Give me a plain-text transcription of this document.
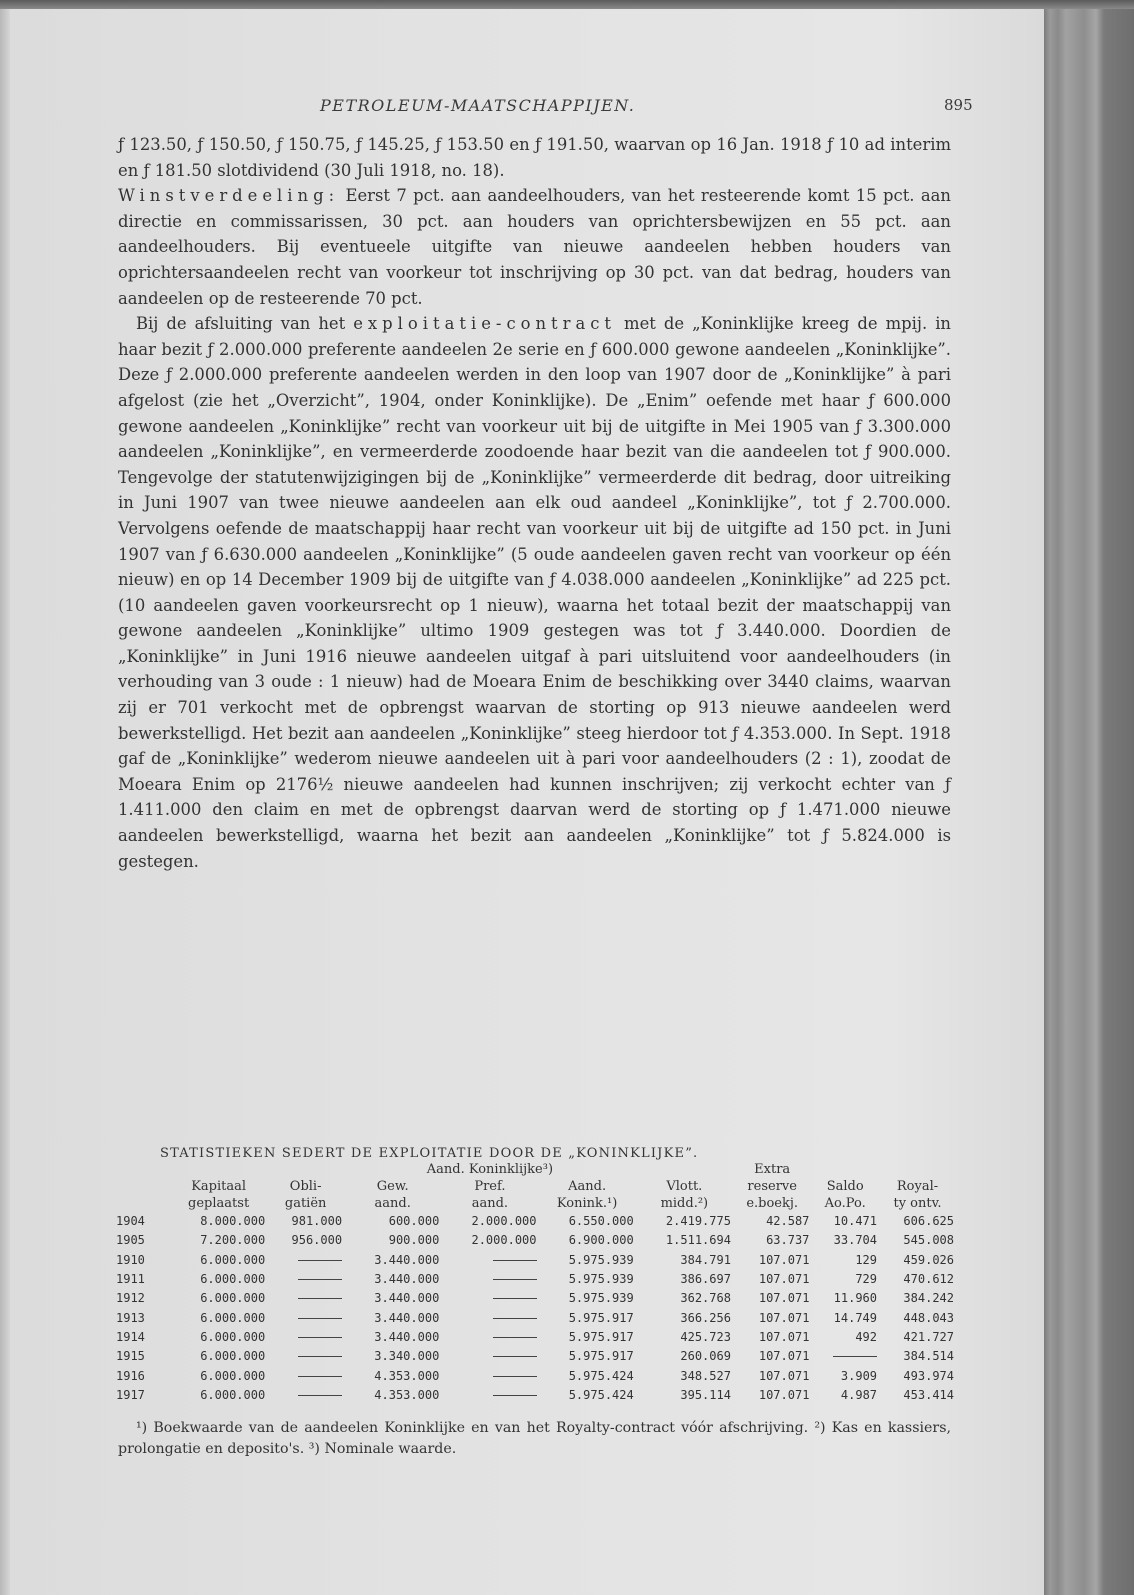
PETROLEUM-MAATSCHAPPIJEN.	895

ƒ 123.50, ƒ 150.50, ƒ 150.75, ƒ 145.25, ƒ 153.50 en ƒ 191.50, waarvan op 16 Jan. 1918 ƒ 10 ad interim en ƒ 181.50 slotdividend (30 Juli 1918, no. 18).

Winstverdeeling: Eerst 7 pct. aan aandeelhouders, van het resteerende komt 15 pct. aan directie en commissarissen, 30 pct. aan houders van oprichtersbewijzen en 55 pct. aan aandeelhouders. Bij eventueele uitgifte van nieuwe aandeelen hebben houders van oprichtersaandeelen recht van voorkeur tot inschrijving op 30 pct. van dat bedrag, houders van aandeelen op de resteerende 70 pct.

Bij de afsluiting van het exploitatie-contract met de „Koninklijke kreeg de mpij. in haar bezit ƒ 2.000.000 preferente aandeelen 2e serie en ƒ 600.000 gewone aandeelen „Koninklijke”. Deze ƒ 2.000.000 preferente aandeelen werden in den loop van 1907 door de „Koninklijke” à pari afgelost (zie het „Overzicht”, 1904, onder Koninklijke). De „Enim” oefende met haar ƒ 600.000 gewone aandeelen „Koninklijke” recht van voorkeur uit bij de uitgifte in Mei 1905 van ƒ 3.300.000 aandeelen „Koninklijke”, en vermeerderde zoodoende haar bezit van die aandeelen tot ƒ 900.000. Tengevolge der statutenwijzigingen bij de „Koninklijke” vermeerderde dit bedrag, door uitreiking in Juni 1907 van twee nieuwe aandeelen aan elk oud aandeel „Koninklijke”, tot ƒ 2.700.000. Vervolgens oefende de maatschappij haar recht van voorkeur uit bij de uitgifte ad 150 pct. in Juni 1907 van ƒ 6.630.000 aandeelen „Koninklijke” (5 oude aandeelen gaven recht van voorkeur op één nieuw) en op 14 December 1909 bij de uitgifte van ƒ 4.038.000 aandeelen „Koninklijke” ad 225 pct. (10 aandeelen gaven voorkeursrecht op 1 nieuw), waarna het totaal bezit der maatschappij van gewone aandeelen „Koninklijke” ultimo 1909 gestegen was tot ƒ 3.440.000. Doordien de „Koninklijke” in Juni 1916 nieuwe aandeelen uitgaf à pari uitsluitend voor aandeelhouders (in verhouding van 3 oude : 1 nieuw) had de Moeara Enim de beschikking over 3440 claims, waarvan zij er 701 verkocht met de opbrengst waarvan de storting op 913 nieuwe aandeelen werd bewerkstelligd. Het bezit aan aandeelen „Koninklijke” steeg hierdoor tot ƒ 4.353.000. In Sept. 1918 gaf de „Koninklijke” wederom nieuwe aandeelen uit à pari voor aandeelhouders (2 : 1), zoodat de Moeara Enim op 2176½ nieuwe aandeelen had kunnen inschrijven; zij verkocht echter van ƒ 1.411.000 den claim en met de opbrengst daarvan werd de storting op ƒ 1.471.000 nieuwe aandeelen bewerkstelligd, waarna het bezit aan aandeelen „Koninklijke” tot ƒ 5.824.000 is gestegen.

STATISTIEKEN SEDERT DE EXPLOITATIE DOOR DE „KONINKLIJKE”.
			Aand. Koninklijke³)				Extra		
	Kapitaal	Obli-	Gew.	Pref.	Aand.	Vlott.	reserve	Saldo	Royal-
	geplaatst	gatiën	aand.	aand.	Konink.¹)	midd.²)	e.boekj.	Ao.Po.	ty ontv.
1904	8.000.000	981.000	600.000	2.000.000	6.550.000	2.419.775	42.587	10.471	606.625
1905	7.200.000	956.000	900.000	2.000.000	6.900.000	1.511.694	63.737	33.704	545.008
1910	6.000.000		3.440.000		5.975.939	384.791	107.071	129	459.026
1911	6.000.000		3.440.000		5.975.939	386.697	107.071	729	470.612
1912	6.000.000		3.440.000		5.975.939	362.768	107.071	11.960	384.242
1913	6.000.000		3.440.000		5.975.917	366.256	107.071	14.749	448.043
1914	6.000.000		3.440.000		5.975.917	425.723	107.071	492	421.727
1915	6.000.000		3.340.000		5.975.917	260.069	107.071		384.514
1916	6.000.000		4.353.000		5.975.424	348.527	107.071	3.909	493.974
1917	6.000.000		4.353.000		5.975.424	395.114	107.071	4.987	453.414

¹) Boekwaarde van de aandeelen Koninklijke en van het Royalty-contract vóór afschrijving. ²) Kas en kassiers, prolongatie en deposito's. ³) Nominale waarde.
